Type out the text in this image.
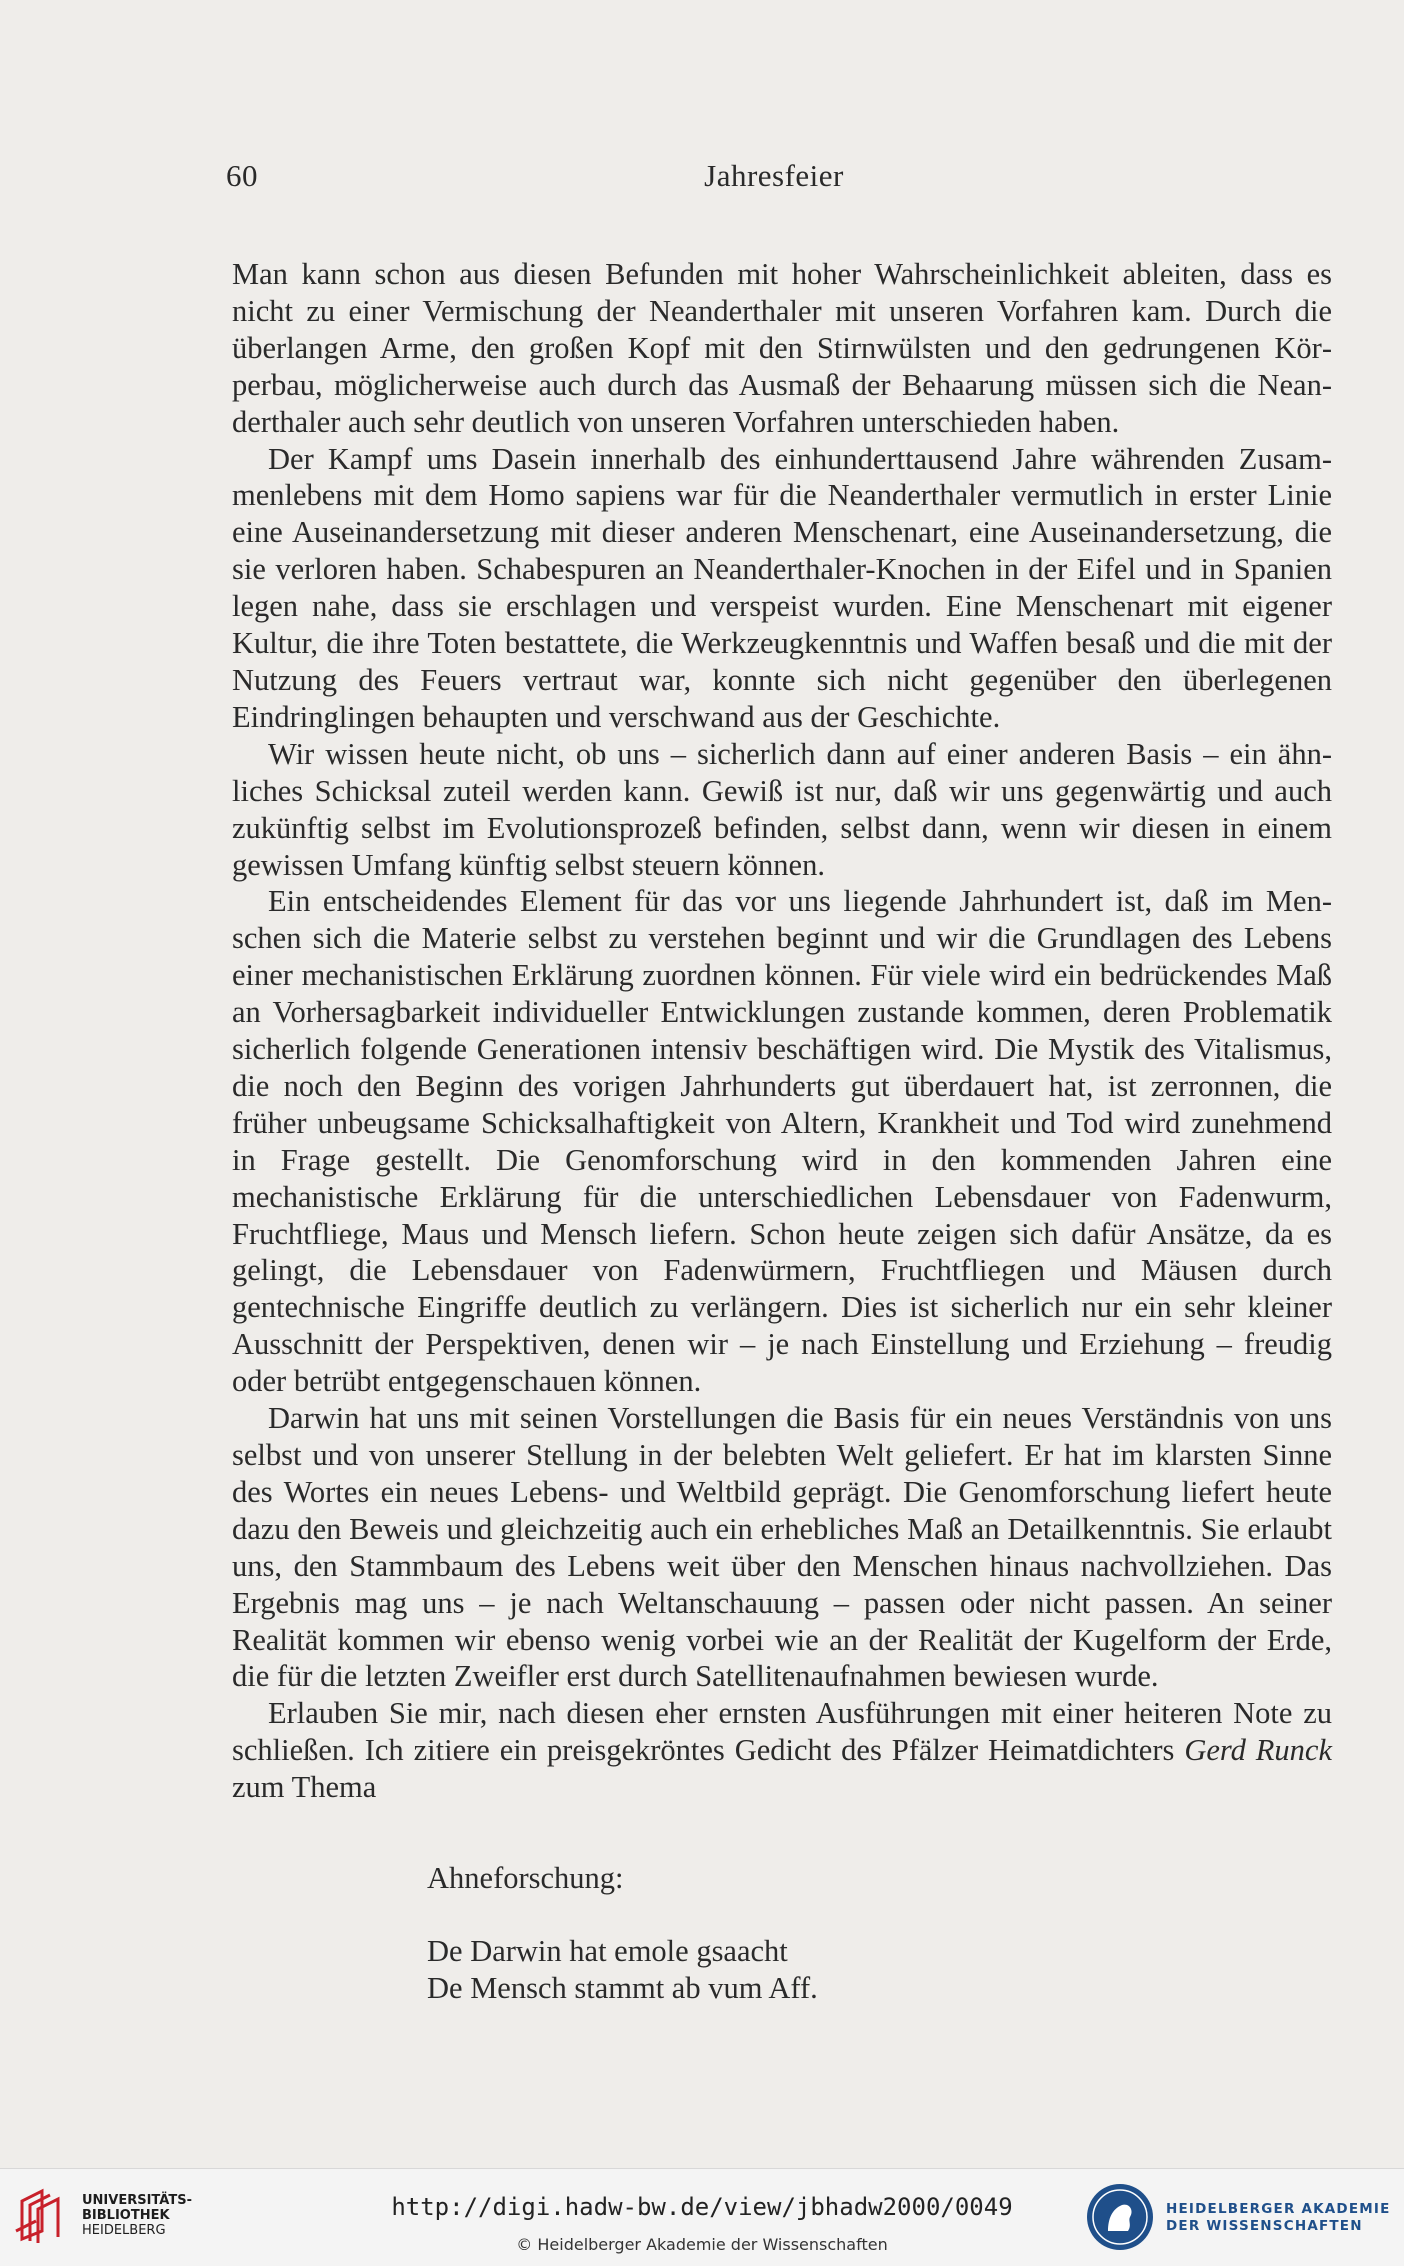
60	Jahresfeier

Man kann schon aus diesen Befunden mit hoher Wahrscheinlichkeit ableiten, dass es nicht zu einer Vermischung der Neanderthaler mit unseren Vorfahren kam. Durch die überlangen Arme, den großen Kopf mit den Stirnwülsten und den gedrungenen Körperbau, möglicherweise auch durch das Ausmaß der Behaarung müssen sich die Neanderthaler auch sehr deutlich von unseren Vorfahren unterschieden haben.

Der Kampf ums Dasein innerhalb des einhunderttausend Jahre währenden Zusammenlebens mit dem Homo sapiens war für die Neanderthaler vermutlich in erster Linie eine Auseinandersetzung mit dieser anderen Menschenart, eine Auseinandersetzung, die sie verloren haben. Schabespuren an Neanderthaler-Knochen in der Eifel und in Spanien legen nahe, dass sie erschlagen und verspeist wurden. Eine Menschenart mit eigener Kultur, die ihre Toten bestattete, die Werkzeugkenntnis und Waffen besaß und die mit der Nutzung des Feuers vertraut war, konnte sich nicht gegenüber den überlegenen Eindringlingen behaupten und verschwand aus der Geschichte.

Wir wissen heute nicht, ob uns – sicherlich dann auf einer anderen Basis – ein ähnliches Schicksal zuteil werden kann. Gewiß ist nur, daß wir uns gegenwärtig und auch zukünftig selbst im Evolutionsprozeß befinden, selbst dann, wenn wir diesen in einem gewissen Umfang künftig selbst steuern können.

Ein entscheidendes Element für das vor uns liegende Jahrhundert ist, daß im Menschen sich die Materie selbst zu verstehen beginnt und wir die Grundlagen des Lebens einer mechanistischen Erklärung zuordnen können. Für viele wird ein bedrückendes Maß an Vorhersagbarkeit individueller Entwicklungen zustande kommen, deren Problematik sicherlich folgende Generationen intensiv beschäftigen wird. Die Mystik des Vitalismus, die noch den Beginn des vorigen Jahrhunderts gut überdauert hat, ist zerronnen, die früher unbeugsame Schicksalhaftigkeit von Altern, Krankheit und Tod wird zunehmend in Frage gestellt. Die Genomforschung wird in den kommenden Jahren eine mechanistische Erklärung für die unterschiedlichen Lebensdauer von Fadenwurm, Fruchtfliege, Maus und Mensch liefern. Schon heute zeigen sich dafür Ansätze, da es gelingt, die Lebensdauer von Fadenwürmern, Fruchtfliegen und Mäusen durch gentechnische Eingriffe deutlich zu verlängern. Dies ist sicherlich nur ein sehr kleiner Ausschnitt der Perspektiven, denen wir – je nach Einstellung und Erziehung – freudig oder betrübt entgegenschauen können.

Darwin hat uns mit seinen Vorstellungen die Basis für ein neues Verständnis von uns selbst und von unserer Stellung in der belebten Welt geliefert. Er hat im klarsten Sinne des Wortes ein neues Lebens- und Weltbild geprägt. Die Genomforschung liefert heute dazu den Beweis und gleichzeitig auch ein erhebliches Maß an Detailkenntnis. Sie erlaubt uns, den Stammbaum des Lebens weit über den Menschen hinaus nachvollziehen. Das Ergebnis mag uns – je nach Weltanschauung – passen oder nicht passen. An seiner Realität kommen wir ebenso wenig vorbei wie an der Realität der Kugelform der Erde, die für die letzten Zweifler erst durch Satellitenaufnahmen bewiesen wurde.

Erlauben Sie mir, nach diesen eher ernsten Ausführungen mit einer heiteren Note zu schließen. Ich zitiere ein preisgekröntes Gedicht des Pfälzer Heimatdichters Gerd Runck zum Thema

Ahneforschung:
De Darwin hat emole gsaacht
De Mensch stammt ab vum Aff.
UNIVERSITÄTS-
BIBLIOTHEK
HEIDELBERG
http://digi.hadw-bw.de/view/jbhadw2000/0049
© Heidelberger Akademie der Wissenschaften
HEIDELBERGER AKADEMIE
DER WISSENSCHAFTEN
